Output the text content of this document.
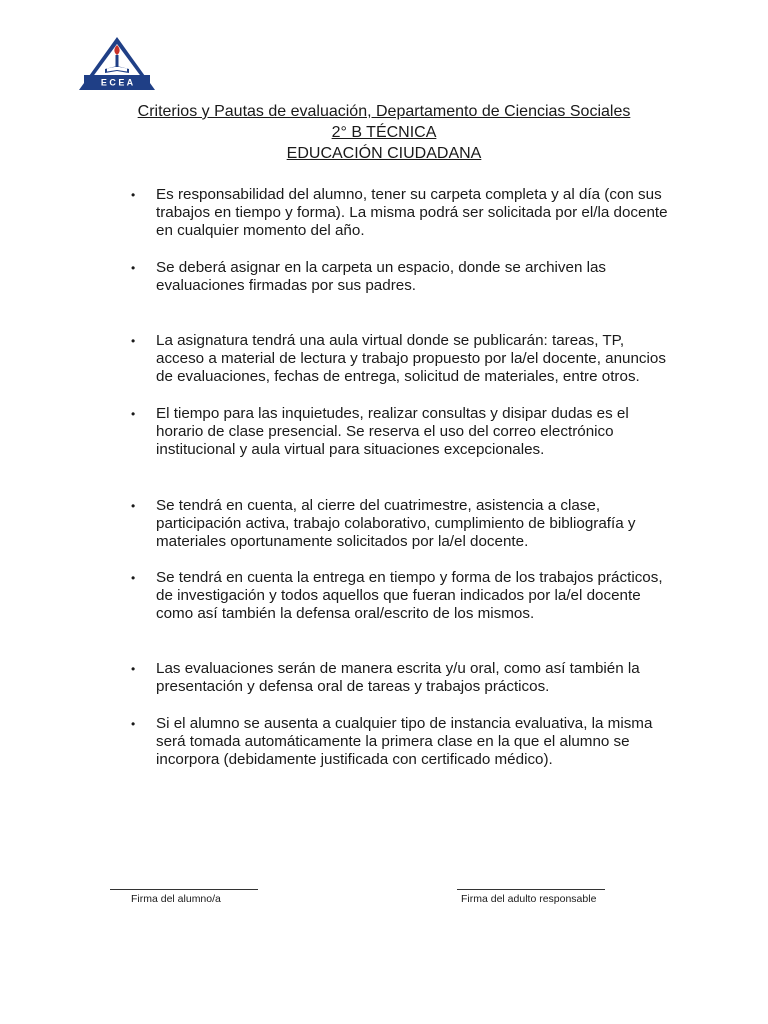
E C E A
Criterios y Pautas de evaluación, Departamento de Ciencias Sociales
2° B TÉCNICA
EDUCACIÓN CIUDADANA
• Es responsabilidad del alumno, tener su carpeta completa y al día (con sus trabajos en tiempo y forma). La misma podrá ser solicitada por el/la docente en cualquier momento del año.
• Se deberá asignar en la carpeta un espacio, donde se archiven las evaluaciones firmadas por sus padres.
• La asignatura tendrá una aula virtual donde se publicarán: tareas, TP, acceso a material de lectura y trabajo propuesto por la/el docente, anuncios de evaluaciones, fechas de entrega, solicitud de materiales, entre otros.
• El tiempo para las inquietudes, realizar consultas y disipar dudas es el horario de clase presencial. Se reserva el uso del correo electrónico institucional y aula virtual para situaciones excepcionales.
• Se tendrá en cuenta, al cierre del cuatrimestre, asistencia a clase, participación activa, trabajo colaborativo, cumplimiento de bibliografía y materiales oportunamente solicitados por la/el docente.
• Se tendrá en cuenta la entrega en tiempo y forma de los trabajos prácticos, de investigación y todos aquellos que fueran indicados por la/el docente como así también la defensa oral/escrito de los mismos.
• Las evaluaciones serán de manera escrita y/u oral, como así también la presentación y defensa oral de tareas y trabajos prácticos.
• Si el alumno se ausenta a cualquier tipo de instancia evaluativa, la misma será tomada automáticamente la primera clase en la que el alumno se incorpora (debidamente justificada con certificado médico).
Firma del alumno/a	Firma del adulto responsable
